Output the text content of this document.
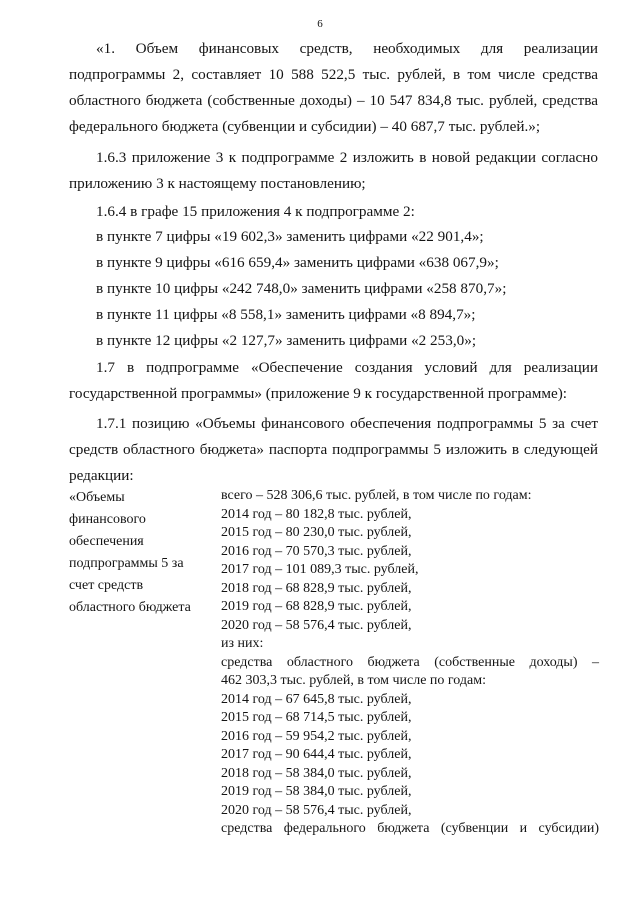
6
«1. Объем финансовых средств, необходимых для реализации
подпрограммы 2, составляет 10 588 522,5 тыс. рублей, в том числе средства
областного бюджета (собственные доходы) – 10 547 834,8 тыс. рублей, средства
федерального бюджета (субвенции и субсидии) – 40 687,7 тыс. рублей.»;
1.6.3 приложение 3 к подпрограмме 2 изложить в новой редакции согласно
приложению 3 к настоящему постановлению;
1.6.4 в графе 15 приложения 4 к подпрограмме 2:
в пункте 7 цифры «19 602,3» заменить цифрами «22 901,4»;
в пункте 9 цифры «616 659,4» заменить цифрами «638 067,9»;
в пункте 10 цифры «242 748,0» заменить цифрами «258 870,7»;
в пункте 11 цифры «8 558,1» заменить цифрами «8 894,7»;
в пункте 12 цифры «2 127,7» заменить цифрами «2 253,0»;
1.7 в подпрограмме «Обеспечение создания условий для реализации
государственной программы» (приложение 9 к государственной программе):
1.7.1 позицию «Объемы финансового обеспечения подпрограммы 5 за счет
средств областного бюджета» паспорта подпрограммы 5 изложить в следующей
редакции:
«Объемы
финансового
обеспечения
подпрограммы 5 за
счет средств
областного бюджета
всего – 528 306,6 тыс. рублей, в том числе по годам:
2014 год – 80 182,8 тыс. рублей,
2015 год – 80 230,0 тыс. рублей,
2016 год – 70 570,3 тыс. рублей,
2017 год – 101 089,3 тыс. рублей,
2018 год – 68 828,9 тыс. рублей,
2019 год – 68 828,9 тыс. рублей,
2020 год – 58 576,4 тыс. рублей,
из них:
средства областного бюджета (собственные доходы) –
462 303,3 тыс. рублей, в том числе по годам:
2014 год – 67 645,8 тыс. рублей,
2015 год – 68 714,5 тыс. рублей,
2016 год – 59 954,2 тыс. рублей,
2017 год – 90 644,4 тыс. рублей,
2018 год – 58 384,0 тыс. рублей,
2019 год – 58 384,0 тыс. рублей,
2020 год – 58 576,4 тыс. рублей,
средства федерального бюджета (субвенции и субсидии)
